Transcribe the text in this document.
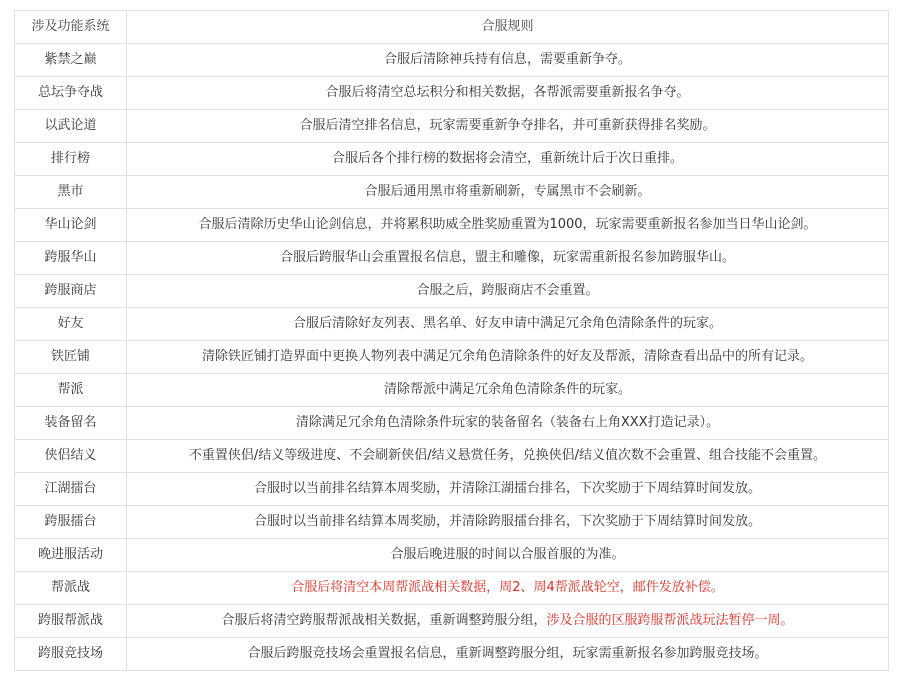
涉及功能系统	合服规则
紫禁之巅	合服后清除神兵持有信息，需要重新争夺。
总坛争夺战	合服后将清空总坛积分和相关数据，各帮派需要重新报名争夺。
以武论道	合服后清空排名信息，玩家需要重新争夺排名，并可重新获得排名奖励。
排行榜	合服后各个排行榜的数据将会清空，重新统计后于次日重排。
黑市	合服后通用黑市将重新刷新，专属黑市不会刷新。
华山论剑	合服后清除历史华山论剑信息，并将累积助威全胜奖励重置为1000，玩家需要重新报名参加当日华山论剑。
跨服华山	合服后跨服华山会重置报名信息，盟主和雕像，玩家需重新报名参加跨服华山。
跨服商店	合服之后，跨服商店不会重置。
好友	合服后清除好友列表、黑名单、好友申请中满足冗余角色清除条件的玩家。
铁匠铺	清除铁匠铺打造界面中更换人物列表中满足冗余角色清除条件的好友及帮派，清除查看出品中的所有记录。
帮派	清除帮派中满足冗余角色清除条件的玩家。
装备留名	清除满足冗余角色清除条件玩家的装备留名（装备右上角XXX打造记录）。
侠侣结义	不重置侠侣/结义等级进度、不会刷新侠侣/结义悬赏任务，兑换侠侣/结义值次数不会重置、组合技能不会重置。
江湖擂台	合服时以当前排名结算本周奖励，并清除江湖擂台排名，下次奖励于下周结算时间发放。
跨服擂台	合服时以当前排名结算本周奖励，并清除跨服擂台排名，下次奖励于下周结算时间发放。
晚进服活动	合服后晚进服的时间以合服首服的为准。
帮派战	合服后将清空本周帮派战相关数据，周2、周4帮派战轮空，邮件发放补偿。
跨服帮派战	合服后将清空跨服帮派战相关数据，重新调整跨服分组，涉及合服的区服跨服帮派战玩法暂停一周。
跨服竞技场	合服后跨服竞技场会重置报名信息，重新调整跨服分组，玩家需重新报名参加跨服竞技场。
